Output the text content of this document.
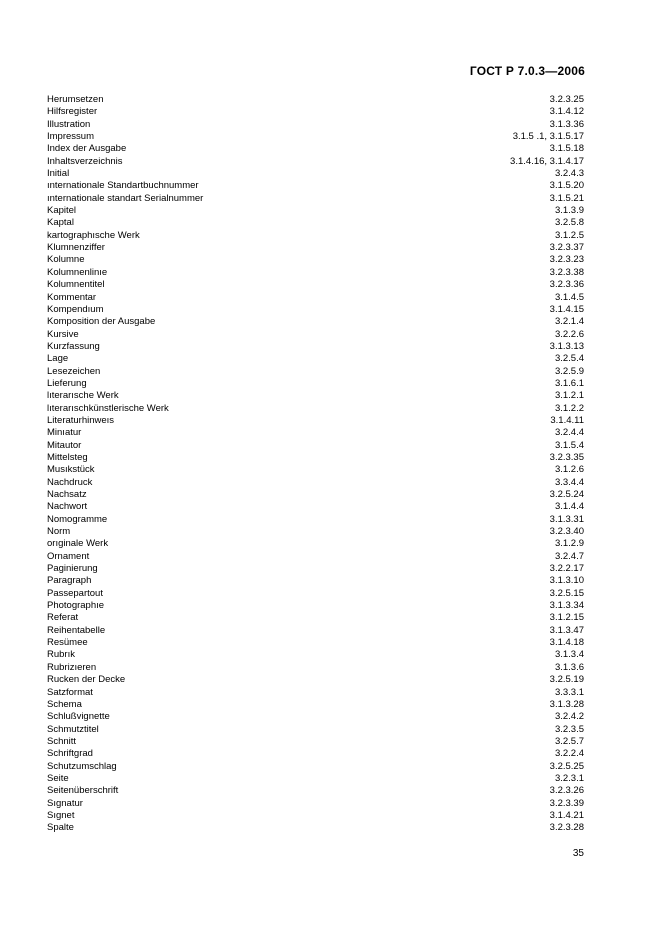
ГОСТ Р 7.0.3—2006
Herumsetzen	3.2.3.25
Hilfsregister	3.1.4.12
Illustration	3.1.3.36
Impressum	3.1.5 .1, 3.1.5.17
Index der Ausgabe	3.1.5.18
Inhaltsverzeichnis	3.1.4.16, 3.1.4.17
Initial	3.2.4.3
ınternationale Standartbuchnummer	3.1.5.20
ınternationale standart Serialnummer	3.1.5.21
Kapitel	3.1.3.9
Kaptal	3.2.5.8
kartographısche Werk	3.1.2.5
Klumnenziffer	3.2.3.37
Kolumne	3.2.3.23
Kolumnenlinıe	3.2.3.38
Kolumnentitel	3.2.3.36
Kommentar	3.1.4.5
Kompendıum	3.1.4.15
Komposition der Ausgabe	3.2.1.4
Kursive	3.2.2.6
Kurzfassung	3.1.3.13
Lage	3.2.5.4
Lesezeichen	3.2.5.9
Lieferung	3.1.6.1
lıterarısche Werk	3.1.2.1
lıterarıschkünstlerische Werk	3.1.2.2
Literaturhinweıs	3.1.4.11
Minıatur	3.2.4.4
Mitautor	3.1.5.4
Mittelsteg	3.2.3.35
Musıkstück	3.1.2.6
Nachdruck	3.3.4.4
Nachsatz	3.2.5.24
Nachwort	3.1.4.4
Nomogramme	3.1.3.31
Norm	3.2.3.40
orıginale Werk	3.1.2.9
Ornament	3.2.4.7
Paginierung	3.2.2.17
Paragraph	3.1.3.10
Passepartout	3.2.5.15
Photographıe	3.1.3.34
Referat	3.1.2.15
Reihentabelle	3.1.3.47
Resümee	3.1.4.18
Rubrık	3.1.3.4
Rubrizıeren	3.1.3.6
Rucken der Decke	3.2.5.19
Satzformat	3.3.3.1
Schema	3.1.3.28
Schlußvignette	3.2.4.2
Schmutztitel	3.2.3.5
Schnitt	3.2.5.7
Schriftgrad	3.2.2.4
Schutzumschlag	3.2.5.25
Seite	3.2.3.1
Seitenüberschrift	3.2.3.26
Sıgnatur	3.2.3.39
Sıgnet	3.1.4.21
Spalte	3.2.3.28
35
